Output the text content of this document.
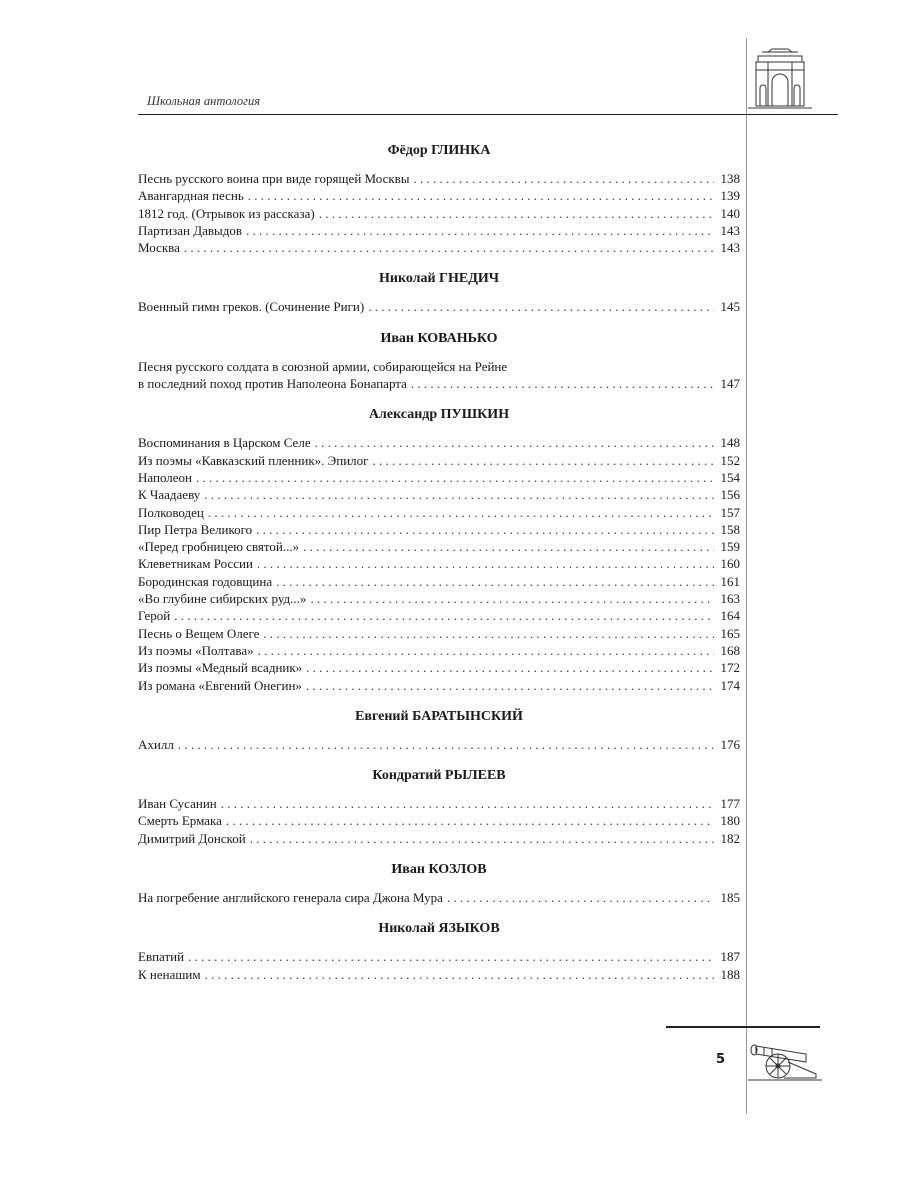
Школьная антология
Фёдор ГЛИНКА
Песнь русского воина при виде горящей Москвы . . .	138
Авангардная песнь . . .	139
1812 год. (Отрывок из рассказа) . . .	140
Партизан Давыдов . . .	143
Москва . . .	143
Николай ГНЕДИЧ
Военный гимн греков. (Сочинение Риги) . . .	145
Иван КОВАНЬКО
Песня русского солдата в союзной армии, собирающейся на Рейне
в последний поход против Наполеона Бонапарта . . .	147
Александр ПУШКИН
Воспоминания в Царском Селе . . .	148
Из поэмы «Кавказский пленник». Эпилог . . .	152
Наполеон . . .	154
К Чаадаеву . . .	156
Полководец . . .	157
Пир Петра Великого . . .	158
«Перед гробницею святой...» . . .	159
Клеветникам России . . .	160
Бородинская годовщина . . .	161
«Во глубине сибирских руд...» . . .	163
Герой . . .	164
Песнь о Вещем Олеге . . .	165
Из поэмы «Полтава» . . .	168
Из поэмы «Медный всадник» . . .	172
Из романа «Евгений Онегин» . . .	174
Евгений БАРАТЫНСКИЙ
Ахилл . . .	176
Кондратий РЫЛЕЕВ
Иван Сусанин . . .	177
Смерть Ермака . . .	180
Димитрий Донской . . .	182
Иван КОЗЛОВ
На погребение английского генерала сира Джона Мура . . .	185
Николай ЯЗЫКОВ
Евпатий . . .	187
К ненашим . . .	188
5
